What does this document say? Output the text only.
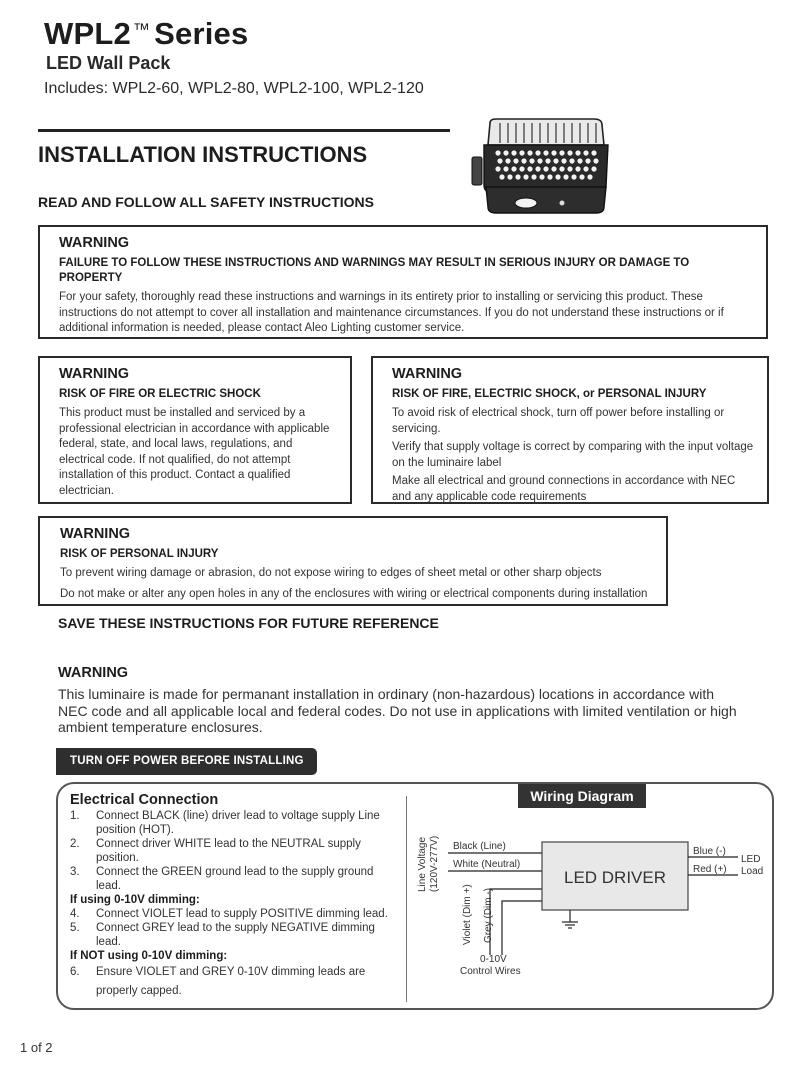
WPL2 ™ Series
LED Wall Pack
Includes: WPL2-60, WPL2-80, WPL2-100, WPL2-120
INSTALLATION INSTRUCTIONS
READ AND FOLLOW ALL SAFETY INSTRUCTIONS
WARNING
FAILURE TO FOLLOW THESE INSTRUCTIONS AND WARNINGS MAY RESULT IN SERIOUS INJURY OR DAMAGE TO PROPERTY

For your safety, thoroughly read these instructions and warnings in its entirety prior to installing or servicing this product. These instructions do not attempt to cover all installation and maintenance circumstances. If you do not understand these instructions or if additional information is needed, please contact Aleo Lighting customer service.

WARNING
RISK OF FIRE OR ELECTRIC SHOCK

This product must be installed and serviced by a professional electrician in accordance with applicable federal, state, and local laws, regulations, and electrical code. If not qualified, do not attempt installation of this product. Contact a qualified electrician.

WARNING
RISK OF FIRE, ELECTRIC SHOCK, or PERSONAL INJURY

To avoid risk of electrical shock, turn off power before installing or servicing.

Verify that supply voltage is correct by comparing with the input voltage on the luminaire label

Make all electrical and ground connections in accordance with NEC and any applicable code requirements

WARNING
RISK OF PERSONAL INJURY

To prevent wiring damage or abrasion, do not expose wiring to edges of sheet metal or other sharp objects

Do not make or alter any open holes in any of the enclosures with wiring or electrical components during installation

SAVE THESE INSTRUCTIONS FOR FUTURE REFERENCE
WARNING
This luminaire is made for permanant installation in ordinary (non-hazardous) locations in accordance with NEC code and all applicable local and federal codes. Do not use in applications with limited ventilation or high ambient temperature enclosures.
TURN OFF POWER BEFORE INSTALLING
Wiring Diagram
Electrical Connection
1.	Connect BLACK (line) driver lead to voltage supply Line position (HOT).
2.	Connect driver WHITE lead to the NEUTRAL supply position.
3.	Connect the GREEN ground lead to the supply ground lead.
If using 0-10V dimming:
4.	Connect VIOLET lead to supply POSITIVE dimming lead.
5.	Connect GREY lead to the supply NEGATIVE dimming lead.
If NOT using 0-10V dimming:
6.	Ensure VIOLET and GREY 0-10V dimming leads are properly capped.
Line Voltage (120V-277V) Black (Line)
White (Neutral)
Violet (Dim +) Grey (Dim -)
0-10V
Control Wires
LED DRIVER
Blue (-)
Red (+)
LED
Load
1 of 2
